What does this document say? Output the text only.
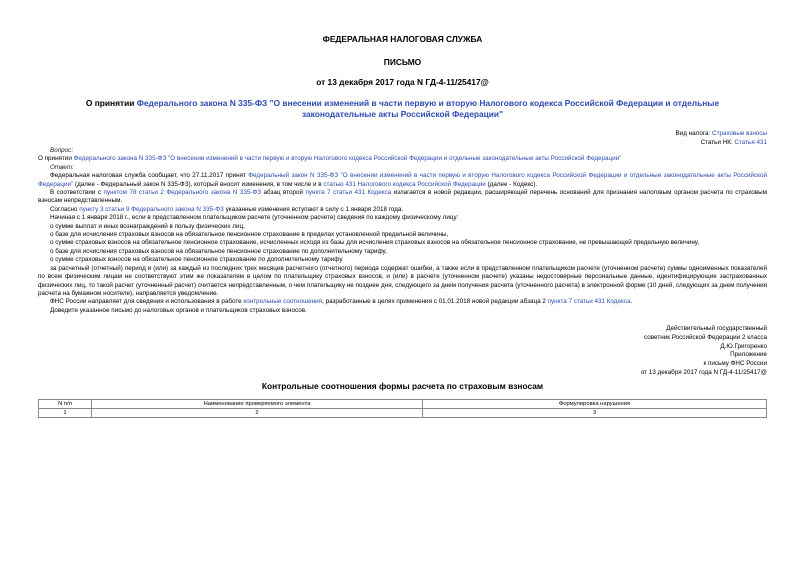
ФЕДЕРАЛЬНАЯ НАЛОГОВАЯ СЛУЖБА
ПИСЬМО
от 13 декабря 2017 года N ГД-4-11/25417@
О принятии Федерального закона N 335-ФЗ "О внесении изменений в части первую и вторую Налогового кодекса Российской Федерации и отдельные законодательные акты Российской Федерации"
Вид налога: Страховые взносы
Статьи НК: Статья 431
Вопрос:
О принятии Федерального закона N 335-ФЗ "О внесении изменений в части первую и вторую Налогового кодекса Российской Федерации и отдельные законодательные акты Российской Федерации"
Ответ:
Федеральная налоговая служба сообщает, что 27.11.2017 принят Федеральный закон N 335-ФЗ "О внесении изменений в части первую и вторую Налогового кодекса Российской Федерации и отдельные законодательные акты Российской Федерации" (далее - Федеральный закон N 335-ФЗ), который вносит изменения, в том числе и в статью 431 Налогового кодекса Российской Федерации (далее - Кодекс).
В соответствии с пунктом 78 статьи 2 Федерального закона N 335-ФЗ абзац второй пункта 7 статьи 431 Кодекса излагается в новой редакции, расширяющей перечень оснований для признания налоговым органом расчета по страховым взносам непредставленным.
Согласно пункту 3 статьи 9 Федерального закона N 335-ФЗ указанные изменения вступают в силу с 1 января 2018 года.
Начиная с 1 января 2018 г., если в представленном плательщиком расчете (уточненном расчете) сведения по каждому физическому лицу:
о сумме выплат и иных вознаграждений в пользу физических лиц,
о базе для исчисления страховых взносов на обязательное пенсионное страхование в пределах установленной предельной величины,
о сумме страховых взносов на обязательное пенсионное страхование, исчисленных исходя из базы для исчисления страховых взносов на обязательное пенсионное страхование, не превышающей предельную величину,
о базе для исчисления страховых взносов на обязательное пенсионное страхование по дополнительному тарифу,
о сумме страховых взносов на обязательное пенсионное страхование по дополнительному тарифу
за расчетный (отчетный) период и (или) за каждый из последних трех месяцев расчетного (отчетного) периода содержат ошибки, а также если в представленном плательщиком расчете (уточненном расчете) суммы одноименных показателей по всем физическим лицам не соответствуют этим же показателям в целом по плательщику страховых взносов, и (или) в расчете (уточненном расчете) указаны недостоверные персональные данные, идентифицирующие застрахованных физических лиц, то такой расчет (уточненный расчет) считается непредставленным, о чем плательщику не позднее дня, следующего за днем получения расчета (уточненного расчета) в электронной форме (10 дней, следующих за днем получения расчета на бумажном носителе), направляется уведомление.
ФНС России направляет для сведения и использования в работе контрольные соотношения, разработанные в целях применения с 01.01.2018 новой редакции абзаца 2 пункта 7 статьи 431 Кодекса.
Доведите указанное письмо до налоговых органов и плательщиков страховых взносов.
Действительный государственный
советник Российской Федерации 2 класса
Д.Ю.Григоренко
Приложение
к письму ФНС России
от 13 декабря 2017 года N ГД-4-11/25417@
Контрольные соотношения формы расчета по страховым взносам
N п/п	Наименование проверяемого элемента	Формулировка нарушения
1	2	3
